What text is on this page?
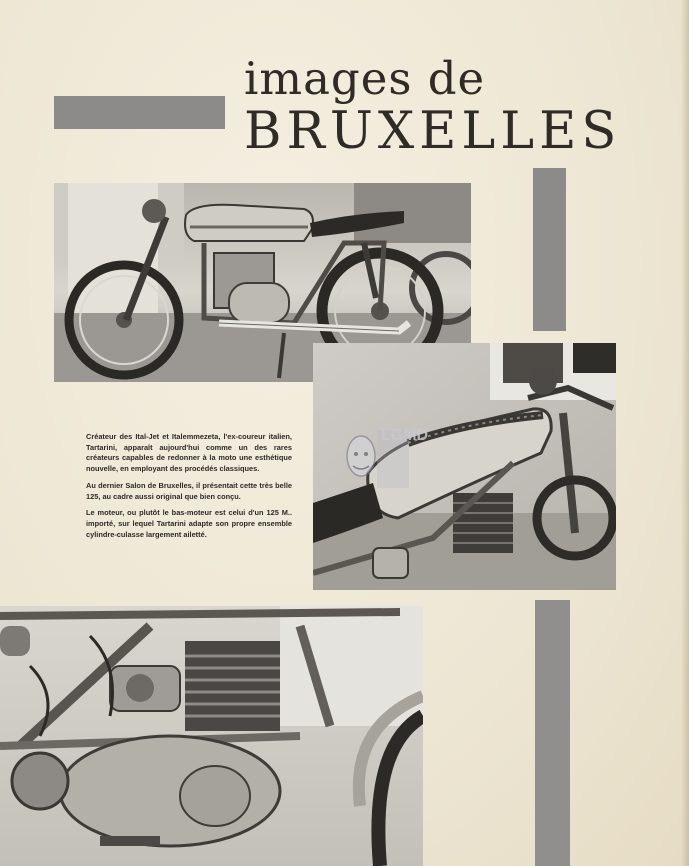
images de
BRUXELLES
LGMD

Créateur des Ital-Jet et Italemmezeta, l'ex-coureur italien, Tartarini, apparaît aujourd'hui comme un des rares créateurs capables de redonner à la moto une esthétique nouvelle, en employant des procédés classiques.

Au dernier Salon de Bruxelles, il présentait cette très belle 125, au cadre aussi original que bien conçu.

Le moteur, ou plutôt le bas-moteur est celui d'un 125 M.. importé, sur lequel Tartarini adapte son propre ensemble cylindre-culasse largement ailetté.
